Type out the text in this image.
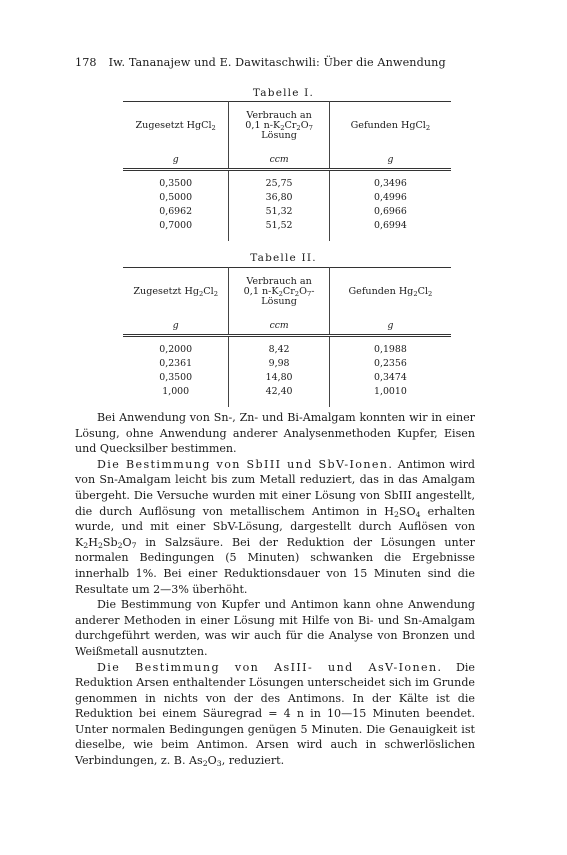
178 Iw. Tananajew und E. Dawitaschwili: Über die Anwendung
Tabelle I.
Zugesetzt HgCl$_2$	Verbrauch an
0,1 $n-K_2Cr_2O_7$
Lösung	Gefunden HgCl$_2$
g	ccm	g
0,3500	25,75	0,3496
0,5000	36,80	0,4996
0,6962	51,32	0,6966
0,7000	51,52	0,6994
Tabelle II.
Zugesetzt $Hg_2Cl_2$	Verbrauch an
0,1 $n-K_2Cr_2O_7-$
Lösung	Gefunden $Hg_2Cl_2$
g	ccm	g
0,2000	8,42	0,1988
0,2361	9,98	0,2356
0,3500	14,80	0,3474
1,000	42,40	1,0010

Bei Anwendung von Sn-, Zn- und Bi-Amalgam konnten wir in einer Lösung, ohne Anwendung anderer Analysenmethoden Kupfer, Eisen und Quecksilber bestimmen.

Die Bestimmung von SbIII und SbV-Ionen. Antimon wird von Sn-Amalgam leicht bis zum Metall reduziert, das in das Amalgam übergeht. Die Versuche wurden mit einer Lösung von SbIII angestellt, die durch Auflösung von metallischem Antimon in $H_2SO_4$ erhalten wurde, und mit einer SbV-Lösung, dargestellt durch Auflösen von $K_2H_2Sb_2O_7$ in Salzsäure. Bei der Reduktion der Lösungen unter normalen Bedingungen (5 Minuten) schwanken die Ergebnisse innerhalb 1%. Bei einer Reduktionsdauer von 15 Minuten sind die Resultate um 2—3% überhöht.

Die Bestimmung von Kupfer und Antimon kann ohne Anwendung anderer Methoden in einer Lösung mit Hilfe von Bi- und Sn-Amalgam durchgeführt werden, was wir auch für die Analyse von Bronzen und Weißmetall ausnutzten.

Die Bestimmung von AsIII- und AsV-Ionen. Die Reduktion Arsen enthaltender Lösungen unterscheidet sich im Grunde genommen in nichts von der des Antimons. In der Kälte ist die Reduktion bei einem Säuregrad = 4 n in 10—15 Minuten beendet. Unter normalen Bedingungen genügen 5 Minuten. Die Genauigkeit ist dieselbe, wie beim Antimon. Arsen wird auch in schwerlöslichen Verbindungen, z. B. $As_2O_3$, reduziert.
